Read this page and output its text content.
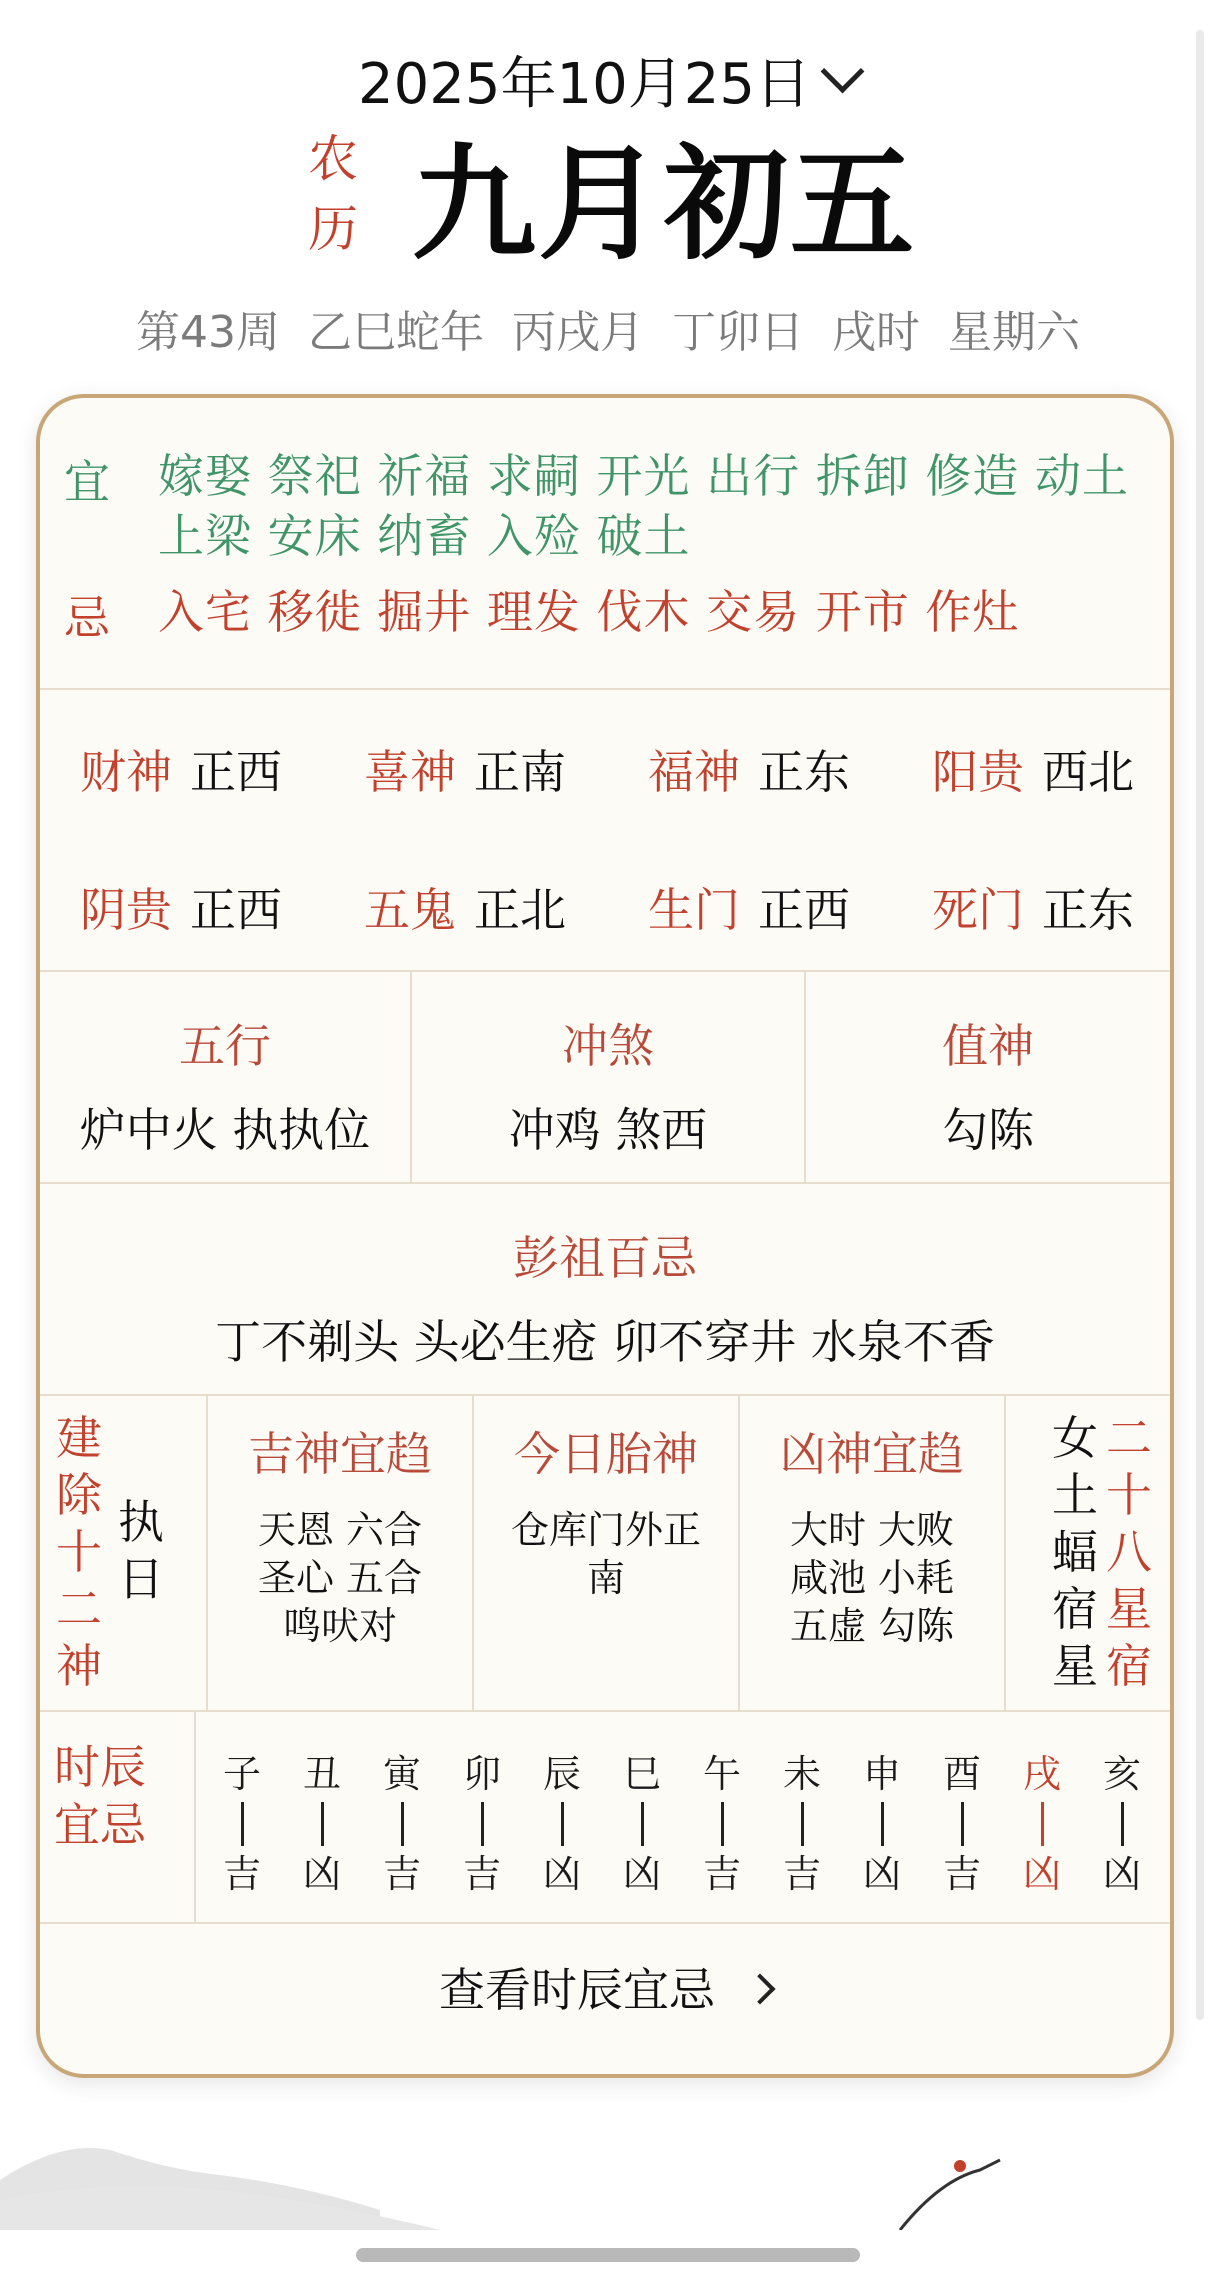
2025年10月25日
农历 九月初五
第43周 乙巳蛇年 丙戌月 丁卯日 戌时 星期六
宜 嫁娶 祭祀 祈福 求嗣 开光 出行 拆卸 修造 动土 上梁 安床 纳畜 入殓 破土
忌 入宅 移徙 掘井 理发 伐木 交易 开市 作灶
财神 正西 喜神 正南 福神 正东 阳贵 西北
阴贵 正西 五鬼 正北 生门 正西 死门 正东
五行
炉中火 执执位
冲煞
冲鸡 煞西
值神
勾陈
彭祖百忌
丁不剃头 头必生疮 卯不穿井 水泉不香
建
除
十
二
神
执
日
吉神宜趋
天恩 六合
圣心 五合
鸣吠对
今日胎神
仓库门外正
南
凶神宜趋
大时 大败
咸池 小耗
五虚 勾陈
女
土
蝠
宿
星
二
十
八
星
宿
时辰
宜忌
子
吉
丑
凶
寅
吉
卯
吉
辰
凶
巳
凶
午
吉
未
吉
申
凶
酉
吉
戌
凶
亥
凶
查看时辰宜忌
